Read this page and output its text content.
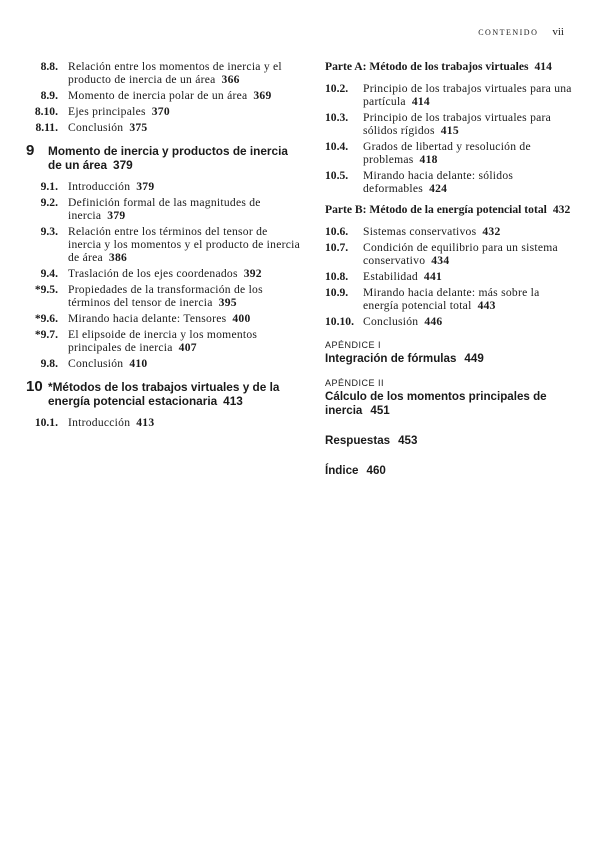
CONTENIDO vii
8.8. Relación entre los momentos de inercia y el producto de inercia de un área 366
8.9. Momento de inercia polar de un área 369
8.10. Ejes principales 370
8.11. Conclusión 375
9	Momento de inercia y productos de inercia de un área 379
9.1. Introducción 379
9.2. Definición formal de las magnitudes de inercia 379
9.3. Relación entre los términos del tensor de inercia y los momentos y el producto de inercia de área 386
9.4. Traslación de los ejes coordenados 392
*9.5. Propiedades de la transformación de los términos del tensor de inercia 395
*9.6. Mirando hacia delante: Tensores 400
*9.7. El elipsoide de inercia y los momentos principales de inercia 407
9.8. Conclusión 410
10 *Métodos de los trabajos virtuales y de la energía potencial estacionaria 413
10.1. Introducción 413
Parte A: Método de los trabajos virtuales 414
10.2.	Principio de los trabajos virtuales para una partícula 414
10.3.	Principio de los trabajos virtuales para sólidos rígidos 415
10.4.	Grados de libertad y resolución de problemas 418
10.5.	Mirando hacia delante: sólidos deformables 424
Parte B: Método de la energía potencial total 432
10.6.	Sistemas conservativos 432
10.7.	Condición de equilibrio para un sistema conservativo 434
10.8.	Estabilidad 441
10.9.	Mirando hacia delante: más sobre la energía potencial total 443
10.10. Conclusión 446
APÉNDICE I
Integración de fórmulas 449
APÉNDICE II
Cálculo de los momentos principales de inercia 451
Respuestas 453
Índice 460
